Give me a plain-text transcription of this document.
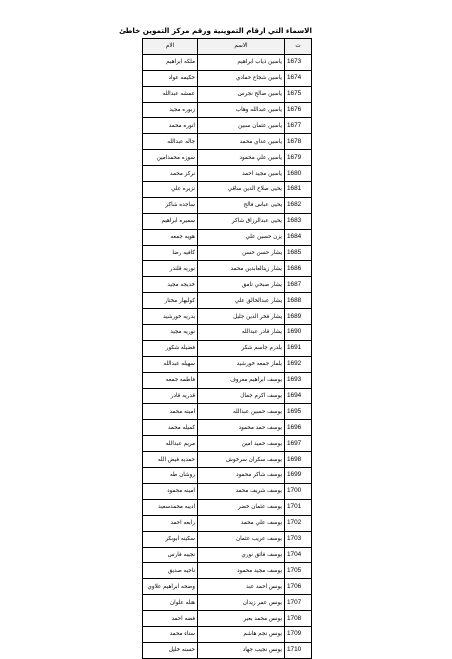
الاسماء التي ارقام التموينية ورقم مركز التموين خاطئ
ت	الاسم	الام
1673	ياسين ذياب ابراهيم	ملكه ابراهيم
1674	ياسين شجاع حمادي	حكيمه عواد
1675	ياسين صالح نجرس	عمشه عبدالله
1676	ياسين عبدالله وهاب	زبوره مجيد
1677	ياسين عثمان سبين	انوره محمد
1678	ياسين عداي محمد	جاله عبدالله
1679	ياسين علي محمود	سوزه محمدامين
1680	ياسين مجيد احمد	نركز محمد
1681	يحيى صلاح الدين ساقي	نزيره علي
1682	يحيى عباس فالح	ساجده شاكر
1683	يحيى عبدالرزاق شاكر	سميره ابراهيم
1684	يزن حسين علي	هويه جمعه
1685	يشار حسن حسن	كافيه رضا
1686	يشار زينالعابدين محمد	نوريه قلندر
1687	يشار صبحي نامق	خديجه مجيد
1688	يشار عبدالخالق علي	كولبهار مختار
1689	يشار فخر الدين جليل	بدريه خورشيد
1690	يشار قادر عبدالله	نوريه مجيد
1691	يلدرم جاسم شكر	فضيله شكور
1692	يلماز جمعه خورشيد	سهيله عبدالله
1693	يوسف ابراهيم معروف	فاطمه جمعه
1694	يوسف اكرم جمال	قدريه قادر
1695	يوسف حسين عبدالله	امينه محمد
1696	يوسف حمد محمود	كميله محمد
1697	يوسف حميد امين	مريم عبدالله
1698	يوسف سكران سرخوش	حمديه فيض الله
1699	يوسف شاكر محمود	روشان طه
1700	يوسف شريف محمد	امينه محمود
1701	يوسف عثمان خضر	اديبه محمدسعيد
1702	يوسف علي محمد	رابعه احمد
1703	يوسف عريب عثمان	سكينه ابوبكر
1704	يوسف فائق نوري	نجيبه فارس
1705	يوسف مجيد محمود	ناجيه صديق
1706	يونس احمد عبد	وضحه ابراهيم علاوي
1707	يونس عمر زيدان	هنله علوان
1708	يونس محمد بعير	فضه احمد
1709	يونس نجم هاشم	سناء محمد
1710	يونس نجيب جهاد	حسنه خليل
